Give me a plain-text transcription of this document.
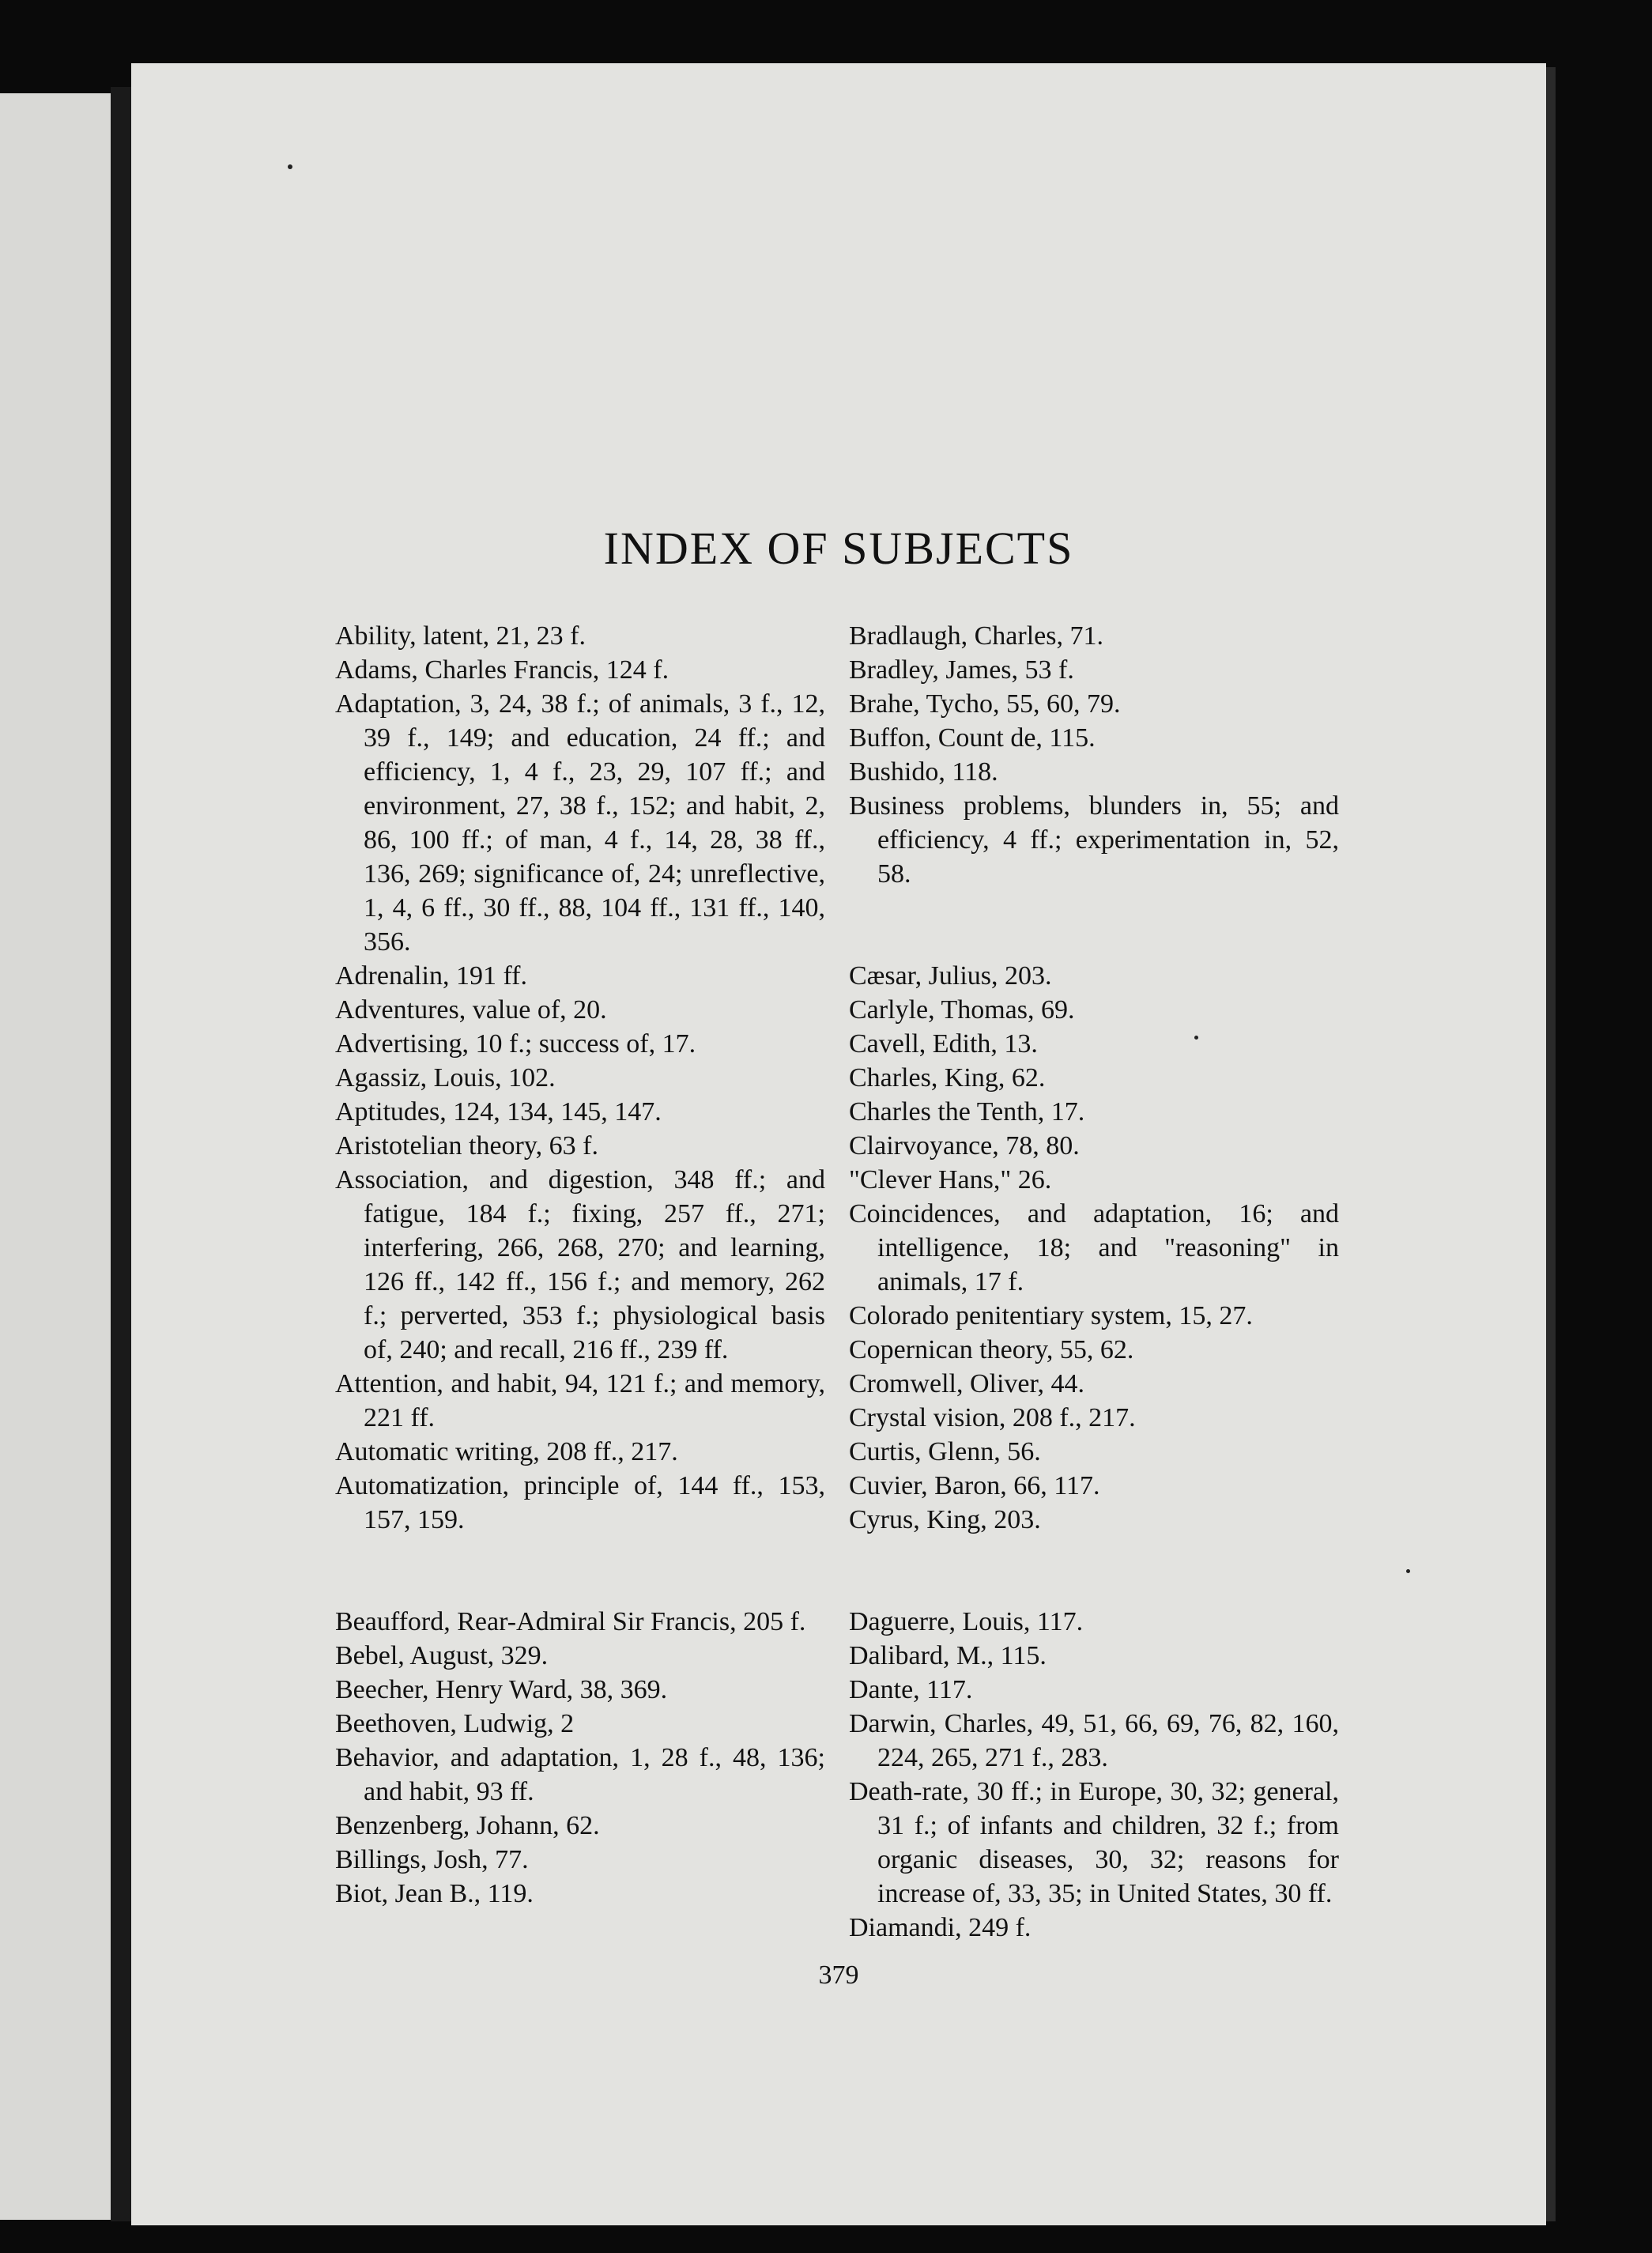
INDEX OF SUBJECTS

Ability, latent, 21, 23 f.

Adams, Charles Francis, 124 f.

Adaptation, 3, 24, 38 f.; of animals, 3 f., 12, 39 f., 149; and education, 24 ff.; and efficiency, 1, 4 f., 23, 29, 107 ff.; and environment, 27, 38 f., 152; and habit, 2, 86, 100 ff.; of man, 4 f., 14, 28, 38 ff., 136, 269; significance of, 24; unreflective, 1, 4, 6 ff., 30 ff., 88, 104 ff., 131 ff., 140, 356.

Adrenalin, 191 ff.

Adventures, value of, 20.

Advertising, 10 f.; success of, 17.

Agassiz, Louis, 102.

Aptitudes, 124, 134, 145, 147.

Aristotelian theory, 63 f.

Association, and digestion, 348 ff.; and fatigue, 184 f.; fixing, 257 ff., 271; interfering, 266, 268, 270; and learning, 126 ff., 142 ff., 156 f.; and memory, 262 f.; perverted, 353 f.; physiological basis of, 240; and recall, 216 ff., 239 ff.

Attention, and habit, 94, 121 f.; and memory, 221 ff.

Automatic writing, 208 ff., 217.

Automatization, principle of, 144 ff., 153, 157, 159.

Beaufford, Rear-Admiral Sir Francis, 205 f.

Bebel, August, 329.

Beecher, Henry Ward, 38, 369.

Beethoven, Ludwig, 2

Behavior, and adaptation, 1, 28 f., 48, 136; and habit, 93 ff.

Benzenberg, Johann, 62.

Billings, Josh, 77.

Biot, Jean B., 119.

Bradlaugh, Charles, 71.

Bradley, James, 53 f.

Brahe, Tycho, 55, 60, 79.

Buffon, Count de, 115.

Bushido, 118.

Business problems, blunders in, 55; and efficiency, 4 ff.; experimentation in, 52, 58.

Cæsar, Julius, 203.

Carlyle, Thomas, 69.

Cavell, Edith, 13.

Charles, King, 62.

Charles the Tenth, 17.

Clairvoyance, 78, 80.

"Clever Hans," 26.

Coincidences, and adaptation, 16; and intelligence, 18; and "reasoning" in animals, 17 f.

Colorado penitentiary system, 15, 27.

Copernican theory, 55, 62.

Cromwell, Oliver, 44.

Crystal vision, 208 f., 217.

Curtis, Glenn, 56.

Cuvier, Baron, 66, 117.

Cyrus, King, 203.

Daguerre, Louis, 117.

Dalibard, M., 115.

Dante, 117.

Darwin, Charles, 49, 51, 66, 69, 76, 82, 160, 224, 265, 271 f., 283.

Death-rate, 30 ff.; in Europe, 30, 32; general, 31 f.; of infants and children, 32 f.; from organic diseases, 30, 32; reasons for increase of, 33, 35; in United States, 30 ff.

Diamandi, 249 f.

379
